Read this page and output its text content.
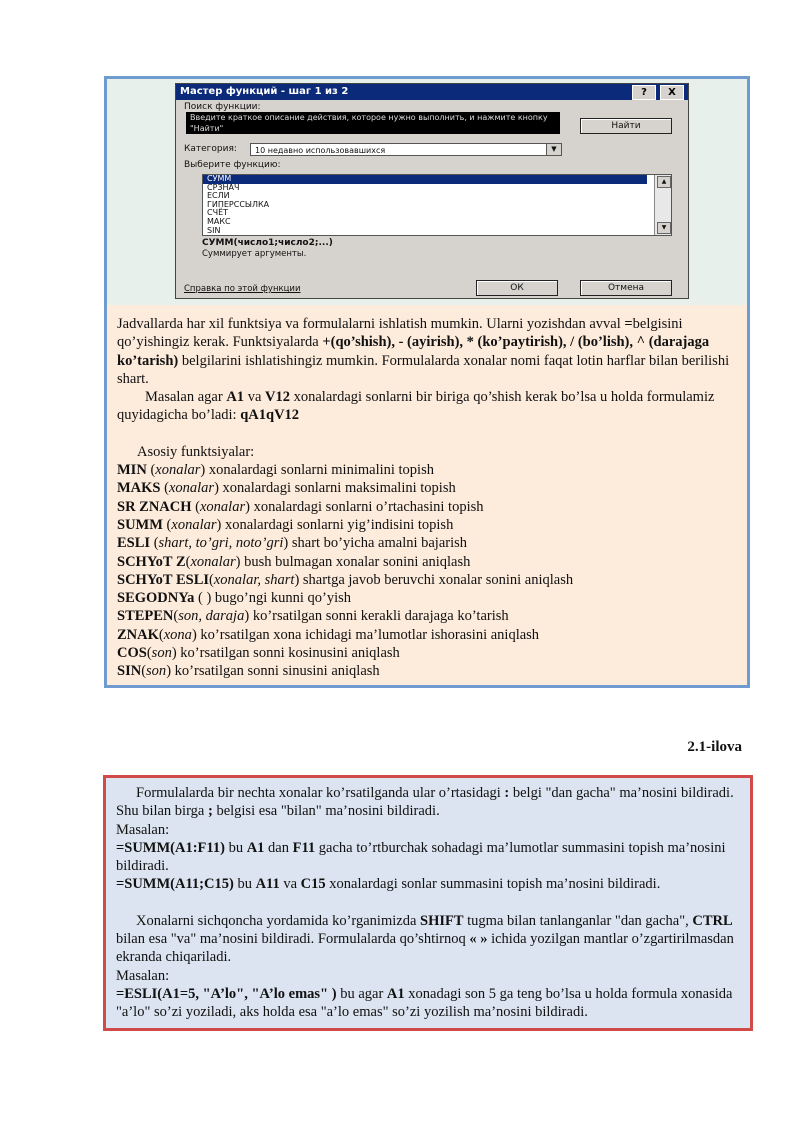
Мастер функций - шаг 1 из 2	?	X
Поиск функции:
Введите краткое описание действия, которое нужно выполнить, и нажмите кнопку "Найти"	Найти
Категория:	10 недавно использовавшихся	▼
Выберите функцию:
СУММ
СРЗНАЧ
ЕСЛИ
ГИПЕРССЫЛКА
СЧЁТ
МАКС
SIN
▲
▼
СУММ(число1;число2;...)
Суммирует аргументы.
Справка по этой функции	ОК	Отмена

Jadvallarda har xil funktsiya va formulalarni ishlatish mumkin. Ularni yozishdan avval =belgisini qo’yishingiz kerak. Funktsiyalarda +(qo’shish), - (ayirish), * (ko’paytirish), / (bo’lish), ^ (darajaga ko’tarish) belgilarini ishlatishingiz mumkin. Formulalarda xonalar nomi faqat lotin harflar bilan berilishi shart.

Masalan agar A1 va V12 xonalardagi sonlarni bir biriga qo’shish kerak bo’lsa u holda formulamiz quyidagicha bo’ladi: qA1qV12

Asosiy funktsiyalar:

MIN (xonalar) xonalardagi sonlarni minimalini topish

MAKS (xonalar) xonalardagi sonlarni maksimalini topish

SR ZNACH (xonalar) xonalardagi sonlarni o’rtachasini topish

SUMM (xonalar) xonalardagi sonlarni yig’indisini topish

ESLI (shart, to’gri, noto’gri) shart bo’yicha amalni bajarish

SCHYoT Z(xonalar) bush bulmagan xonalar sonini aniqlash

SCHYoT ESLI(xonalar, shart) shartga javob beruvchi xonalar sonini aniqlash

SEGODNYa ( ) bugo’ngi kunni qo’yish

STEPEN(son, daraja) ko’rsatilgan sonni kerakli darajaga ko’tarish

ZNAK(xona) ko’rsatilgan xona ichidagi ma’lumotlar ishorasini aniqlash

COS(son) ko’rsatilgan sonni kosinusini aniqlash

SIN(son) ko’rsatilgan sonni sinusini aniqlash

2.1-ilova

Formulalarda bir nechta xonalar ko’rsatilganda ular o’rtasidagi : belgi "dan gacha" ma’nosini bildiradi. Shu bilan birga ; belgisi esa "bilan" ma’nosini bildiradi.

Masalan:

=SUMM(A1:F11) bu A1 dan F11 gacha to’rtburchak sohadagi ma’lumotlar summasini topish ma’nosini bildiradi.

=SUMM(A11;C15) bu A11 va C15 xonalardagi sonlar summasini topish ma’nosini bildiradi.

Xonalarni sichqoncha yordamida ko’rganimizda SHIFT tugma bilan tanlanganlar "dan gacha", CTRL bilan esa "va" ma’nosini bildiradi. Formulalarda qo’shtirnoq « » ichida yozilgan mantlar o’zgartirilmasdan ekranda chiqariladi.

Masalan:

=ESLI(A1=5, "A’lo", "A’lo emas" ) bu agar A1 xonadagi son 5 ga teng bo’lsa u holda formula xonasida "a’lo" so’zi yoziladi, aks holda esa "a’lo emas" so’zi yozilish ma’nosini bildiradi.
